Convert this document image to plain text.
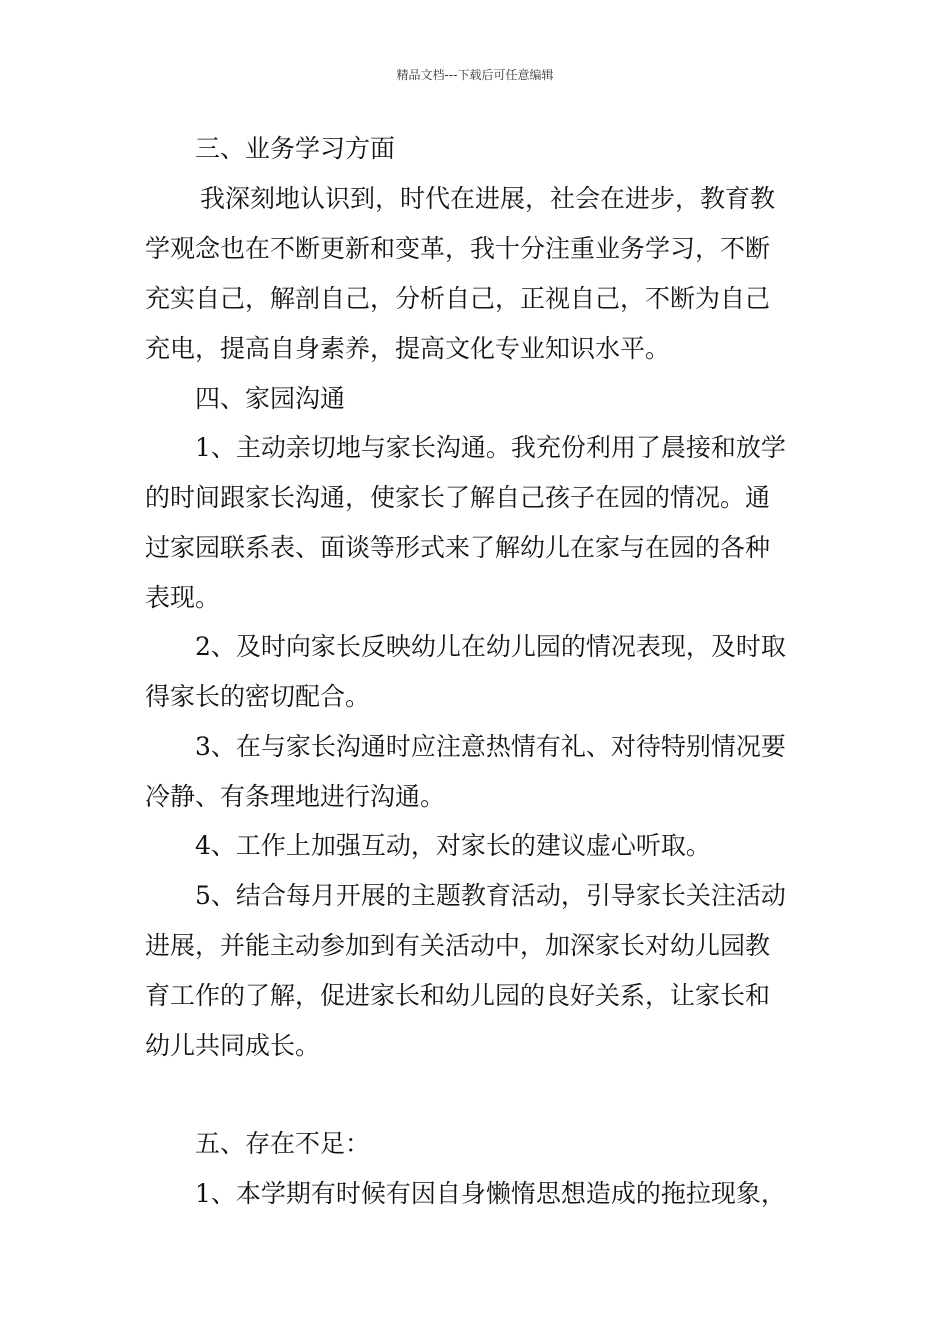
精品文档---下载后可任意编辑
三、业务学习方面
我深刻地认识到，时代在进展，社会在进步，教育教
学观念也在不断更新和变革，我十分注重业务学习，不断
充实自己，解剖自己，分析自己，正视自己，不断为自己
充电，提高自身素养，提高文化专业知识水平。
四、家园沟通
1、主动亲切地与家长沟通。我充份利用了晨接和放学
的时间跟家长沟通，使家长了解自己孩子在园的情况。通
过家园联系表、面谈等形式来了解幼儿在家与在园的各种
表现。
2、及时向家长反映幼儿在幼儿园的情况表现，及时取
得家长的密切配合。
3、在与家长沟通时应注意热情有礼、对待特别情况要
冷静、有条理地进行沟通。
4、工作上加强互动，对家长的建议虚心听取。
5、结合每月开展的主题教育活动，引导家长关注活动
进展，并能主动参加到有关活动中，加深家长对幼儿园教
育工作的了解，促进家长和幼儿园的良好关系，让家长和
幼儿共同成长。
五、存在不足：
1、本学期有时候有因自身懒惰思想造成的拖拉现象，
